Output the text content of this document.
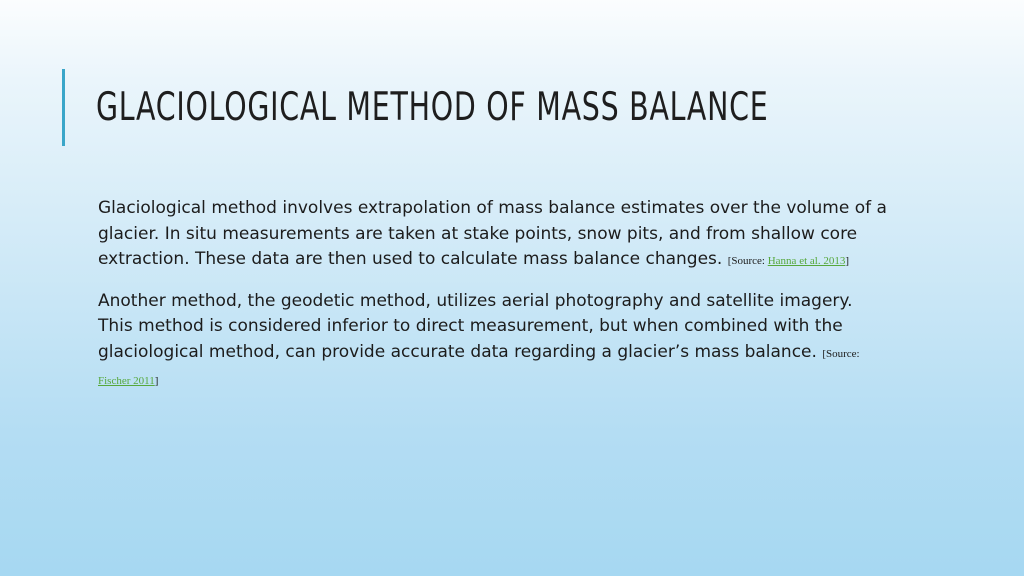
GLACIOLOGICAL METHOD OF MASS BALANCE

Glaciological method involves extrapolation of mass balance estimates over the volume of a glacier. In situ measurements are taken at stake points, snow pits, and from shallow core extraction. These data are then used to calculate mass balance changes. [Source: Hanna et al. 2013]

Another method, the geodetic method, utilizes aerial photography and satellite imagery. This method is considered inferior to direct measurement, but when combined with the glaciological method, can provide accurate data regarding a glacier’s mass balance. [Source: Fischer 2011]
